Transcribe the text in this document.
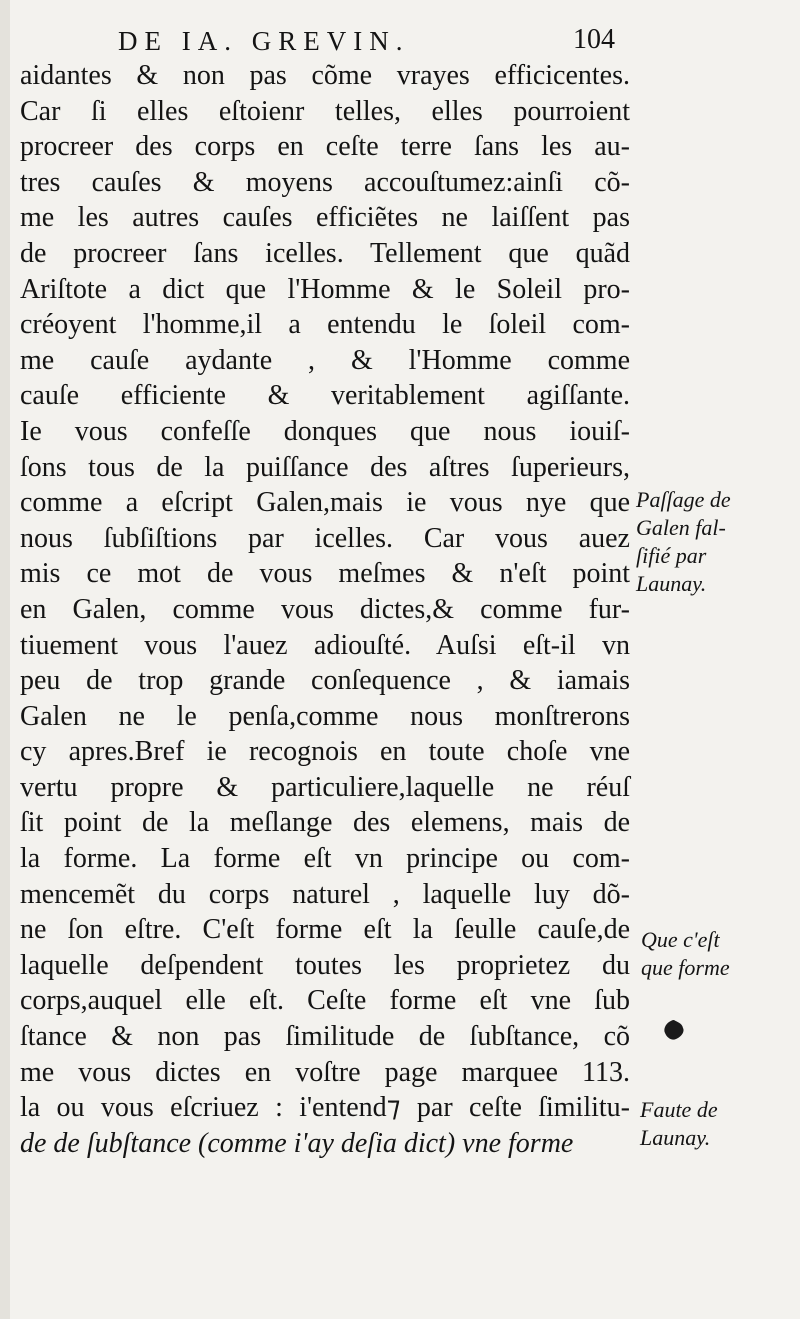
DE IA. GREVIN.	104
aidantes & non pas cõme vrayes efficicentes.
Car ſi elles eſtoienr telles, elles pourroient
procreer des corps en ceſte terre ſans les au-
tres cauſes & moyens accouſtumez:ainſi cõ-
me les autres cauſes efficiẽtes ne laiſſent pas
de procreer ſans icelles. Tellement que quãd
Ariſtote a dict que l'Homme & le Soleil pro-
créoyent l'homme,il a entendu le ſoleil com-
me cauſe aydante , & l'Homme comme
cauſe efficiente & veritablement agiſſante.
Ie vous confeſſe donques que nous iouiſ-
ſons tous de la puiſſance des aſtres ſuperieurs,
comme a eſcript Galen,mais ie vous nye que
nous ſubſiſtions par icelles. Car vous auez
mis ce mot de vous meſmes & n'eſt point
en Galen, comme vous dictes,& comme fur-
tiuement vous l'auez adiouſté. Auſsi eſt-il vn
peu de trop grande conſequence , & iamais
Galen ne le penſa,comme nous monſtrerons
cy apres.Bref ie recognois en toute choſe vne
vertu propre & particuliere,laquelle ne réuſ
ſit point de la meſlange des elemens, mais de
la forme. La forme eſt vn principe ou com-
mencemẽt du corps naturel , laquelle luy dõ-
ne ſon eſtre. C'eſt forme eſt la ſeulle cauſe,de
laquelle deſpendent toutes les proprietez du
corps,auquel elle eſt. Ceſte forme eſt vne ſub
ſtance & non pas ſimilitude de ſubſtance, cõ
me vous dictes en voſtre page marquee 113.
la ou vous eſcriuez : i'entend⁊ par ceſte ſimilitu-
de de ſubſtance (comme i'ay deſia dict) vne forme
Paſſage de
Galen fal-
ſifié par
Launay.
Que c'eſt
que forme
Faute de
Launay.
